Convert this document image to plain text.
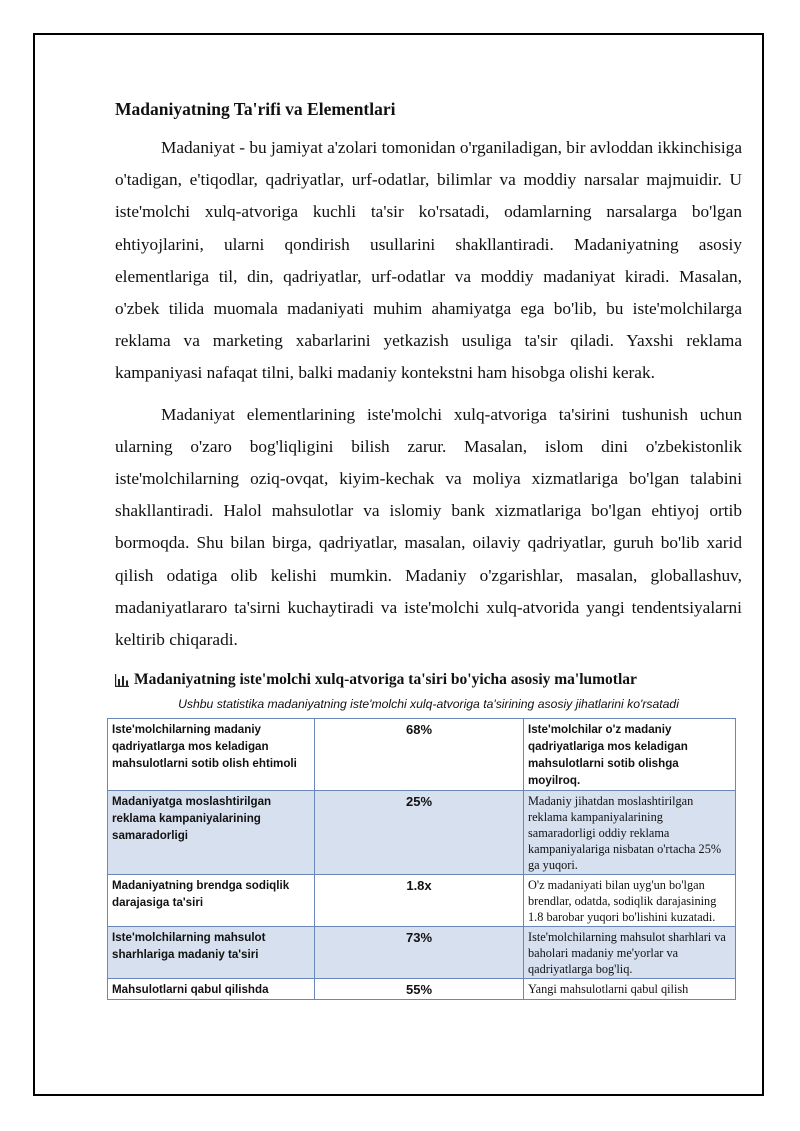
Madaniyatning Ta'rifi va Elementlari

Madaniyat - bu jamiyat a'zolari tomonidan o'rganiladigan, bir avloddan ikkinchisiga o'tadigan, e'tiqodlar, qadriyatlar, urf-odatlar, bilimlar va moddiy narsalar majmuidir. U iste'molchi xulq-atvoriga kuchli ta'sir ko'rsatadi, odamlarning narsalarga bo'lgan ehtiyojlarini, ularni qondirish usullarini shakllantiradi. Madaniyatning asosiy elementlariga til, din, qadriyatlar, urf-odatlar va moddiy madaniyat kiradi. Masalan, o'zbek tilida muomala madaniyati muhim ahamiyatga ega bo'lib, bu iste'molchilarga reklama va marketing xabarlarini yetkazish usuliga ta'sir qiladi. Yaxshi reklama kampaniyasi nafaqat tilni, balki madaniy kontekstni ham hisobga olishi kerak.

Madaniyat elementlarining iste'molchi xulq-atvoriga ta'sirini tushunish uchun ularning o'zaro bog'liqligini bilish zarur. Masalan, islom dini o'zbekistonlik iste'molchilarning oziq-ovqat, kiyim-kechak va moliya xizmatlariga bo'lgan talabini shakllantiradi. Halol mahsulotlar va islomiy bank xizmatlariga bo'lgan ehtiyoj ortib bormoqda. Shu bilan birga, qadriyatlar, masalan, oilaviy qadriyatlar, guruh bo'lib xarid qilish odatiga olib kelishi mumkin. Madaniy o'zgarishlar, masalan, globallashuv, madaniyatlararo ta'sirni kuchaytiradi va iste'molchi xulq-atvorida yangi tendentsiyalarni keltirib chiqaradi.

Madaniyatning iste'molchi xulq-atvoriga ta'siri bo'yicha asosiy ma'lumotlar
Ushbu statistika madaniyatning iste'molchi xulq-atvoriga ta'sirining asosiy jihatlarini ko'rsatadi
Iste'molchilarning madaniy qadriyatlarga mos keladigan mahsulotlarni sotib olish ehtimoli	68%	Iste'molchilar o'z madaniy qadriyatlariga mos keladigan mahsulotlarni sotib olishga moyilroq.
Madaniyatga moslashtirilgan reklama kampaniyalarining samaradorligi	25%	Madaniy jihatdan moslashtirilgan reklama kampaniyalarining samaradorligi oddiy reklama kampaniyalariga nisbatan o'rtacha 25% ga yuqori.
Madaniyatning brendga sodiqlik darajasiga ta'siri	1.8x	O'z madaniyati bilan uyg'un bo'lgan brendlar, odatda, sodiqlik darajasining 1.8 barobar yuqori bo'lishini kuzatadi.
Iste'molchilarning mahsulot sharhlariga madaniy ta'siri	73%	Iste'molchilarning mahsulot sharhlari va baholari madaniy me'yorlar va qadriyatlarga bog'liq.
Mahsulotlarni qabul qilishda	55%	Yangi mahsulotlarni qabul qilish
